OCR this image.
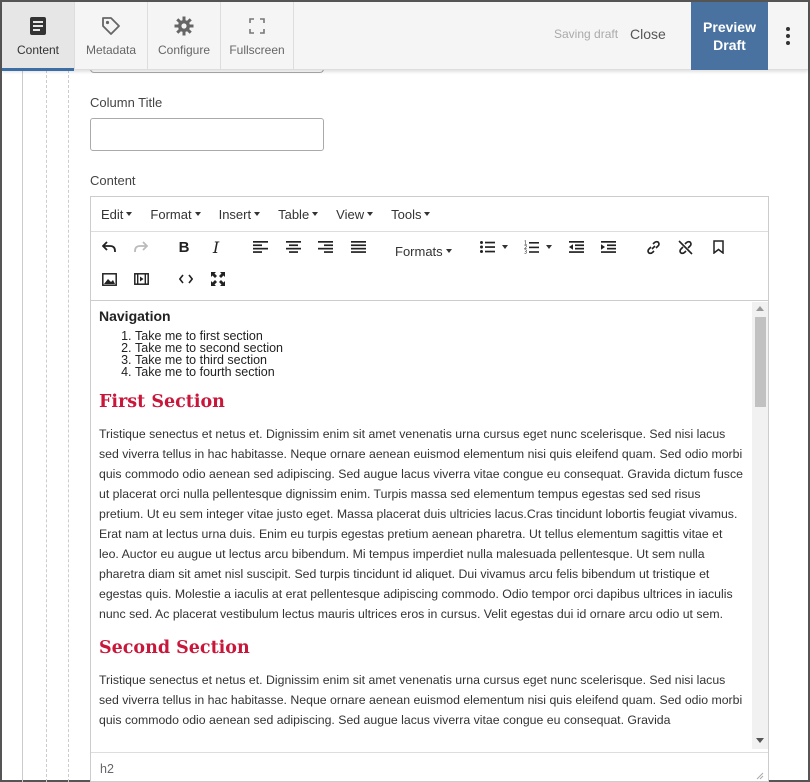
Content Metadata Configure Fullscreen
Saving draft Close	Preview
Draft
Column Title
Content
Edit Format Insert Table View Tools
B	I	Formats	1
2
3
Navigation
1. Take me to first section
2. Take me to second section
3. Take me to third section
4. Take me to fourth section
First Section

Tristique senectus et netus et. Dignissim enim sit amet venenatis urna cursus eget nunc scelerisque. Sed nisi lacus sed viverra tellus in hac habitasse. Neque ornare aenean euismod elementum nisi quis eleifend quam. Sed odio morbi quis commodo odio aenean sed adipiscing. Sed augue lacus viverra vitae congue eu consequat. Gravida dictum fusce ut placerat orci nulla pellentesque dignissim enim. Turpis massa sed elementum tempus egestas sed sed risus pretium. Ut eu sem integer vitae justo eget. Massa placerat duis ultricies lacus.Cras tincidunt lobortis feugiat vivamus. Erat nam at lectus urna duis. Enim eu turpis egestas pretium aenean pharetra. Ut tellus elementum sagittis vitae et leo. Auctor eu augue ut lectus arcu bibendum. Mi tempus imperdiet nulla malesuada pellentesque. Ut sem nulla pharetra diam sit amet nisl suscipit. Sed turpis tincidunt id aliquet. Dui vivamus arcu felis bibendum ut tristique et egestas quis. Molestie a iaculis at erat pellentesque adipiscing commodo. Odio tempor orci dapibus ultrices in iaculis nunc sed. Ac placerat vestibulum lectus mauris ultrices eros in cursus. Velit egestas dui id ornare arcu odio ut sem.

Second Section

Tristique senectus et netus et. Dignissim enim sit amet venenatis urna cursus eget nunc scelerisque. Sed nisi lacus sed viverra tellus in hac habitasse. Neque ornare aenean euismod elementum nisi quis eleifend quam. Sed odio morbi quis commodo odio aenean sed adipiscing. Sed augue lacus viverra vitae congue eu consequat. Gravida

h2
